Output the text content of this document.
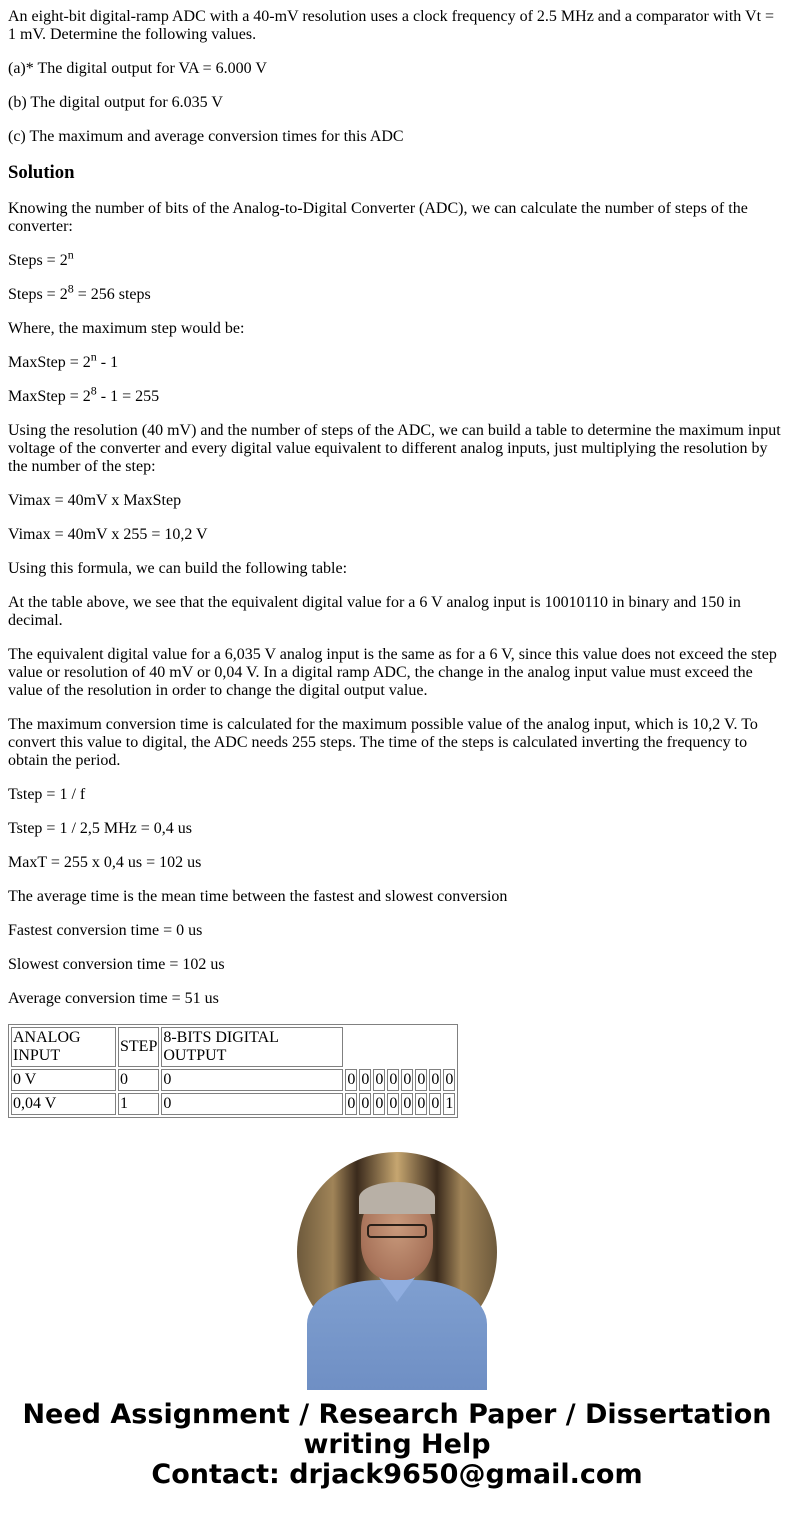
An eight-bit digital-ramp ADC with a 40-mV resolution uses a clock frequency of 2.5 MHz and a comparator with Vt = 1 mV. Determine the following values.

(a)* The digital output for VA = 6.000 V

(b) The digital output for 6.035 V

(c) The maximum and average conversion times for this ADC

Solution

Knowing the number of bits of the Analog-to-Digital Converter (ADC), we can calculate the number of steps of the converter:

Steps = $2^n$

Steps = $2^8 = 256$ steps

Where, the maximum step would be:

MaxStep = $2^n - 1$

MaxStep = $2^8 - 1 = 255$

Using the resolution (40 mV) and the number of steps of the ADC, we can build a table to determine the maximum input voltage of the converter and every digital value equivalent to different analog inputs, just multiplying the resolution by the number of the step:

Vimax = 40mV x MaxStep

Vimax = 40mV x 255 = 10,2 V

Using this formula, we can build the following table:

At the table above, we see that the equivalent digital value for a 6 V analog input is 10010110 in binary and 150 in decimal.

The equivalent digital value for a 6,035 V analog input is the same as for a 6 V, since this value does not exceed the step value or resolution of 40 mV or 0,04 V. In a digital ramp ADC, the change in the analog input value must exceed the value of the resolution in order to change the digital output value.

The maximum conversion time is calculated for the maximum possible value of the analog input, which is 10,2 V. To convert this value to digital, the ADC needs 255 steps. The time of the steps is calculated inverting the frequency to obtain the period.

Tstep = 1 / f

Tstep = 1 / 2,5 MHz = 0,4 us

MaxT = 255 x 0,4 us = 102 us

The average time is the mean time between the fastest and slowest conversion

Fastest conversion time = 0 us

Slowest conversion time = 102 us

Average conversion time = 51 us

ANALOG INPUT	STEP	8-BITS DIGITAL OUTPUT								
0 V	0	0	0	0	0	0	0	0	0	0
0,04 V	1	0	0	0	0	0	0	0	0	1
Need Assignment / Research Paper / Dissertation
writing Help
Contact: drjack9650@gmail.com
